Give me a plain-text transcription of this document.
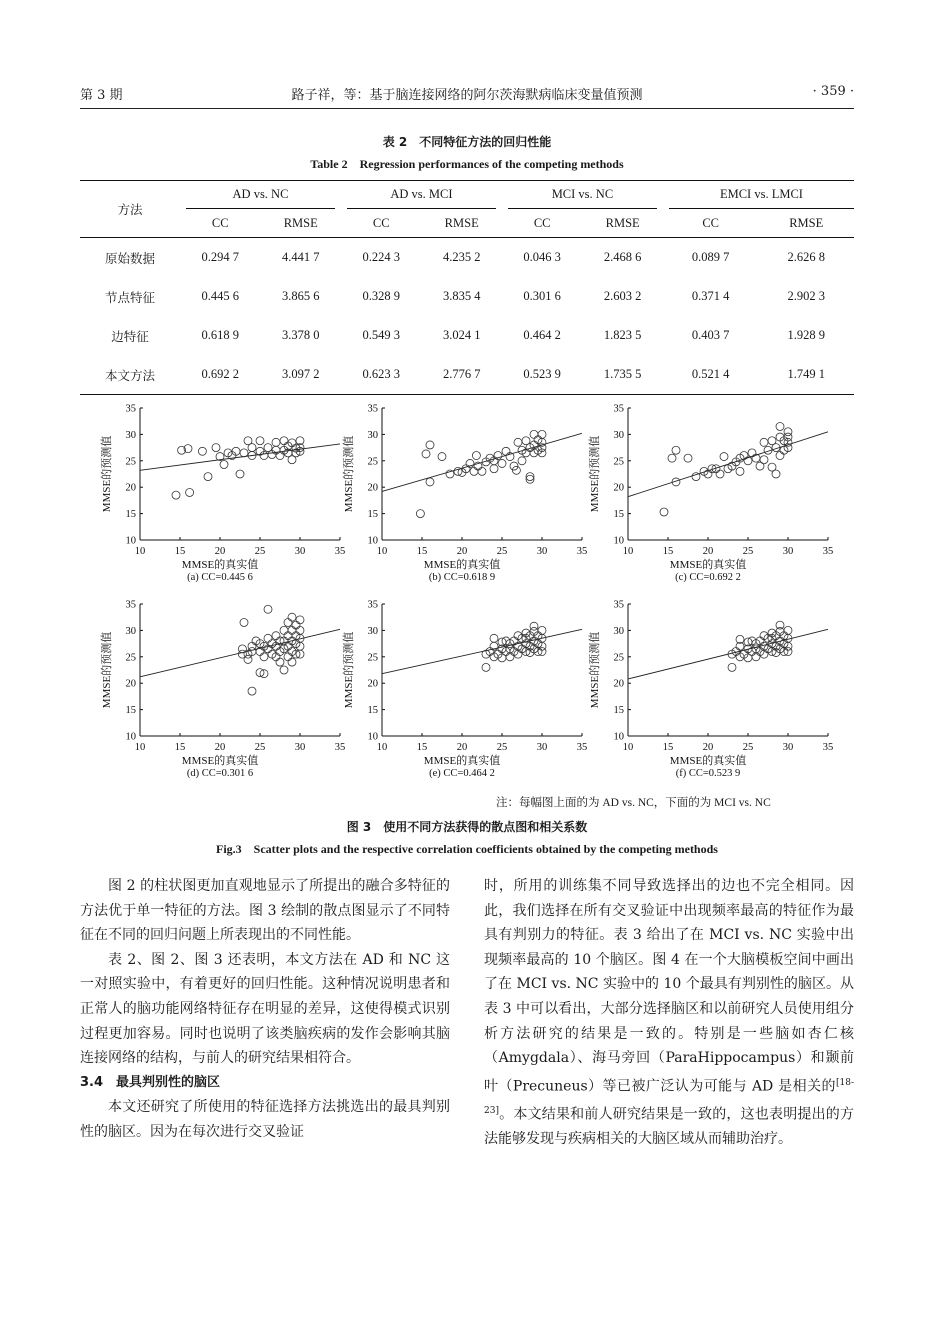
第 3 期	路子祥，等：基于脑连接网络的阿尔茨海默病临床变量值预测	· 359 ·
表 2　不同特征方法的回归性能
Table 2　Regression performances of the competing methods
方法	AD vs. NC		AD vs. MCI		MCI vs. NC		EMCI vs. LMCI	

	CC	RMSE	CC	RMSE	CC	RMSE	CC	RMSE
原始数据	0.294 7	4.441 7	0.224 3	4.235 2	0.046 3	2.468 6	0.089 7	2.626 8
节点特征	0.445 6	3.865 6	0.328 9	3.835 4	0.301 6	2.603 2	0.371 4	2.902 3
边特征	0.618 9	3.378 0	0.549 3	3.024 1	0.464 2	1.823 5	0.403 7	1.928 9
本文方法	0.692 2	3.097 2	0.623 3	2.776 7	0.523 9	1.735 5	0.521 4	1.749 1
10
15
20
25
30
35
10	15	20	25	30	35
MMSE的预测值
MMSE的真实值
(a) CC=0.445 6
10
15
20
25
30
35
10	15	20	25	30	35
MMSE的预测值
MMSE的真实值
(b) CC=0.618 9
10
15
20
25
30
35
10	15	20	25	30	35
MMSE的预测值
MMSE的真实值
(c) CC=0.692 2
10
15
20
25
30
35
10	15	20	25	30	35
MMSE的预测值
MMSE的真实值
(d) CC=0.301 6
10
15
20
25
30
35
10	15	20	25	30	35
MMSE的预测值
MMSE的真实值
(e) CC=0.464 2
10
15
20
25
30
35
10	15	20	25	30	35
MMSE的预测值
MMSE的真实值
(f) CC=0.523 9
注：每幅图上面的为 AD vs. NC，下面的为 MCI vs. NC
图 3　使用不同方法获得的散点图和相关系数
Fig.3　Scatter plots and the respective correlation coefficients obtained by the competing methods

图 2 的柱状图更加直观地显示了所提出的融合多特征的方法优于单一特征的方法。图 3 绘制的散点图显示了不同特征在不同的回归问题上所表现出的不同性能。

表 2、图 2、图 3 还表明，本文方法在 AD 和 NC 这一对照实验中，有着更好的回归性能。这种情况说明患者和正常人的脑功能网络特征存在明显的差异，这使得模式识别过程更加容易。同时也说明了该类脑疾病的发作会影响其脑连接网络的结构，与前人的研究结果相符合。

3.4　最具判别性的脑区

本文还研究了所使用的特征选择方法挑选出的最具判别性的脑区。因为在每次进行交叉验证

时，所用的训练集不同导致选择出的边也不完全相同。因此，我们选择在所有交叉验证中出现频率最高的特征作为最具有判别力的特征。表 3 给出了在 MCI vs. NC 实验中出现频率最高的 10 个脑区。图 4 在一个大脑模板空间中画出了在 MCI vs. NC 实验中的 10 个最具有判别性的脑区。从表 3 中可以看出，大部分选择脑区和以前研究人员使用组分析方法研究的结果是一致的。特别是一些脑如杏仁核（Amygdala）、海马旁回（ParaHippocampus）和颞前叶（Precuneus）等已被广泛认为可能与 AD 是相关的[18-23]。本文结果和前人研究结果是一致的，这也表明提出的方法能够发现与疾病相关的大脑区域从而辅助治疗。
